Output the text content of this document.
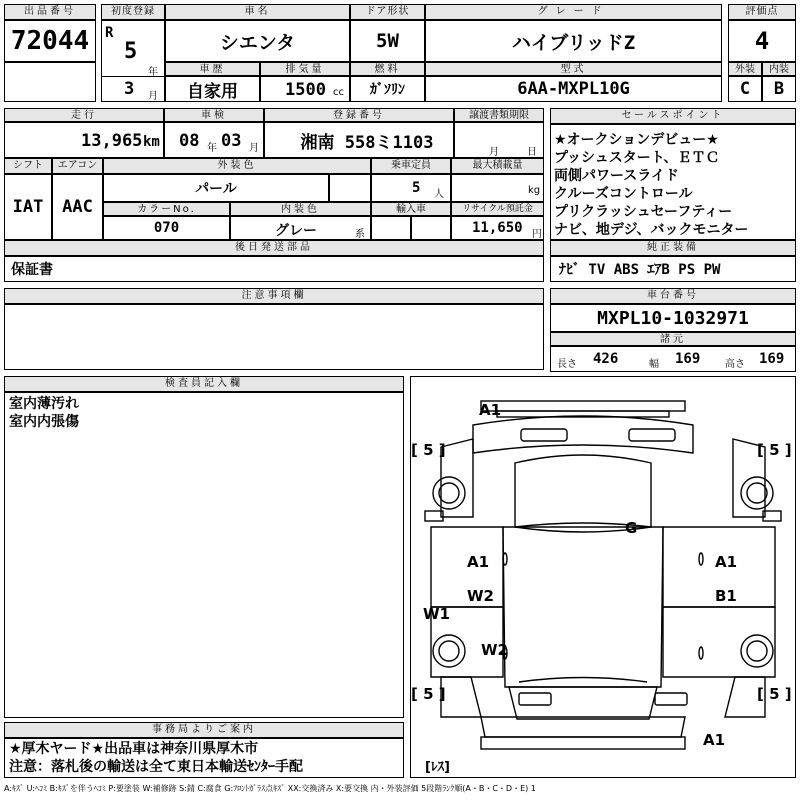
出品番号
72044
初度登録
R
5
年
3 月
車名
シエンタ
ドア形状
5W
グレード
ハイブリッドZ
評価点
4
車歴
自家用
排気量
1500 cc
燃料
ｶﾞｿﾘﾝ
型式
6AA-MXPL10G
外装
C
内装
B
走行
13,965 km
車検
08 年 03 月
登録番号
湘南 558ミ1103
譲渡書類期限
月	日
シフト
IAT
エアコン
AAC
外装色
パール
乗車定員
5 人
最大積載量
kg
カラーNo.
070
内装色
グレー	系
輸入車	リサイクル預託金
11,650 円
後日発送部品
保証書
セールスポイント
★オークションデビュー★
プッシュスタート、ＥＴＣ
両側パワースライド
クルーズコントロール
プリクラッシュセーフティー
ナビ、地デジ、バックモニター
純正装備
ﾅﾋﾞ TV ABS ｴｱB PS PW
注意事項欄	車台番号
MXPL10-1032971
諸元
長さ 426	幅 169 高さ 169
検査員記入欄
室内薄汚れ
室内内張傷
事務局よりご案内
★厚木ヤード★出品車は神奈川県厚木市
注意：落札後の輸送は全て東日本輸送ｾﾝﾀｰ手配
[ 5 ]	[ 5 ]
[ 5 ]	[ 5 ]
A1
G
A1	A1
W2	B1
W1
W2
A1
[ﾚｽ]
A:ｷｽﾞ U:ﾍｺﾐ B:ｷｽﾞを伴うﾍｺﾐ P:要塗装 W:補修跡 S:錆 C:腐食 G:ﾌﾛﾝﾄｶﾞﾗｽ点ｷｽﾞ XX:交換済み X:要交換 内・外装評価 5段階ﾗﾝｸ順(A・B・C・D・E) 1
